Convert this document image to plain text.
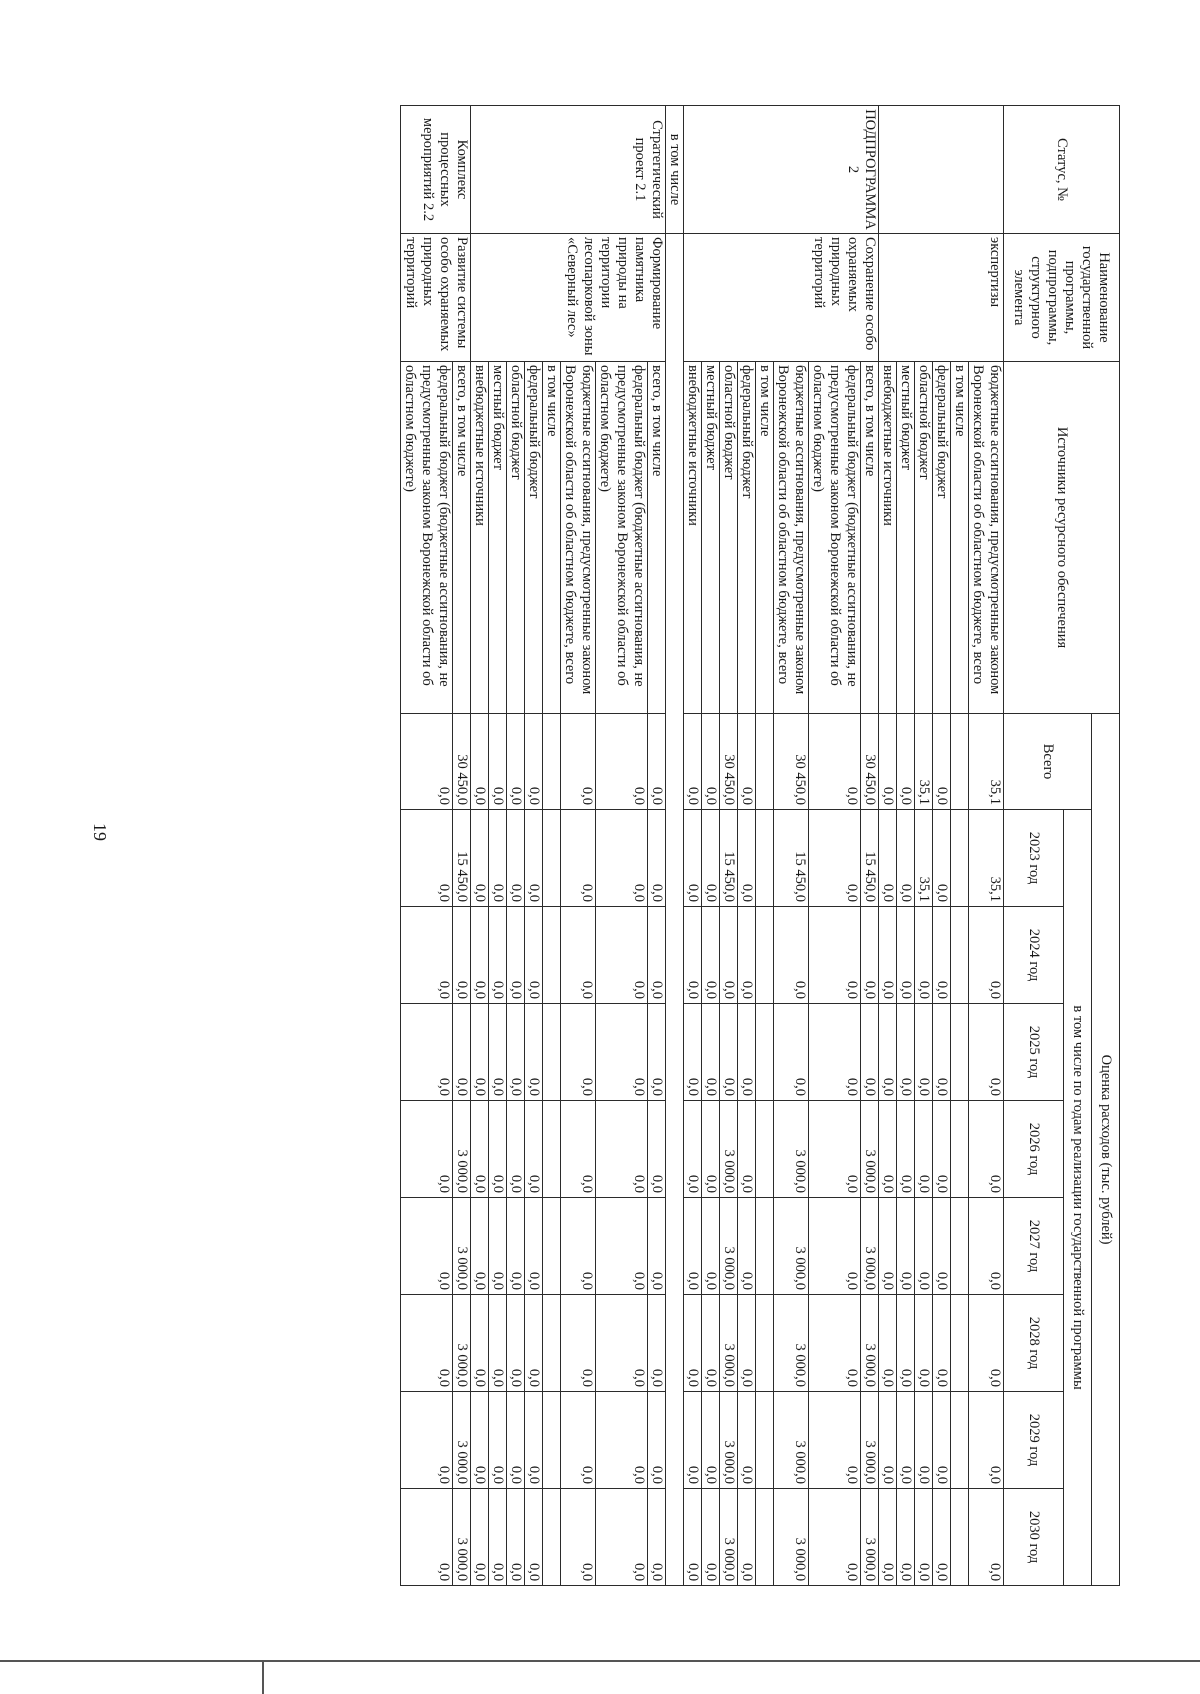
19
Статус, №	Наименование государственной программы, подпрограммы, структурного элемента	Источники ресурсного обеспечения	Оценка расходов (тыс. рублей)								
			Всего	в том числе по годам реализации государственной программы							
				2023 год	2024 год	2025 год	2026 год	2027 год	2028 год	2029 год	2030 год
	экспертизы	бюджетные ассигнования, предусмотренные законом Воронежской области об областном бюджете, всего	35,1	35,1	0,0	0,0	0,0	0,0	0,0	0,0	0,0
		в том числе									
		федеральный бюджет	0,0	0,0	0,0	0,0	0,0	0,0	0,0	0,0	0,0
		областной бюджет	35,1	35,1	0,0	0,0	0,0	0,0	0,0	0,0	0,0
		местный бюджет	0,0	0,0	0,0	0,0	0,0	0,0	0,0	0,0	0,0
		внебюджетные источники	0,0	0,0	0,0	0,0	0,0	0,0	0,0	0,0	0,0
ПОДПРОГРАММА 2	Сохранение особо охраняемых природных территорий	всего, в том числе	30 450,0	15 450,0	0,0	0,0	3 000,0	3 000,0	3 000,0	3 000,0	3 000,0
		федеральный бюджет (бюджетные ассигнования, не предусмотренные законом Воронежской области об областном бюджете)	0,0	0,0	0,0	0,0	0,0	0,0	0,0	0,0	0,0
		бюджетные ассигнования, предусмотренные законом Воронежской области об областном бюджете, всего	30 450,0	15 450,0	0,0	0,0	3 000,0	3 000,0	3 000,0	3 000,0	3 000,0
		в том числе									
		федеральный бюджет	0,0	0,0	0,0	0,0	0,0	0,0	0,0	0,0	0,0
		областной бюджет	30 450,0	15 450,0	0,0	0,0	3 000,0	3 000,0	3 000,0	3 000,0	3 000,0
		местный бюджет	0,0	0,0	0,0	0,0	0,0	0,0	0,0	0,0	0,0
		внебюджетные источники	0,0	0,0	0,0	0,0	0,0	0,0	0,0	0,0	0,0
в том числе											
Стратегический проект 2.1	Формирование памятника природы на территории лесопарковой зоны «Северный лес»	всего, в том числе	0,0	0,0	0,0	0,0	0,0	0,0	0,0	0,0	0,0
		федеральный бюджет (бюджетные ассигнования, не предусмотренные законом Воронежской области об областном бюджете)	0,0	0,0	0,0	0,0	0,0	0,0	0,0	0,0	0,0
		бюджетные ассигнования, предусмотренные законом Воронежской области об областном бюджете, всего	0,0	0,0	0,0	0,0	0,0	0,0	0,0	0,0	0,0
		в том числе									
		федеральный бюджет	0,0	0,0	0,0	0,0	0,0	0,0	0,0	0,0	0,0
		областной бюджет	0,0	0,0	0,0	0,0	0,0	0,0	0,0	0,0	0,0
		местный бюджет	0,0	0,0	0,0	0,0	0,0	0,0	0,0	0,0	0,0
		внебюджетные источники	0,0	0,0	0,0	0,0	0,0	0,0	0,0	0,0	0,0
Комплекс процессных мероприятий 2.2	Развитие системы особо охраняемых природных территорий	всего, в том числе	30 450,0	15 450,0	0,0	0,0	3 000,0	3 000,0	3 000,0	3 000,0	3 000,0
		федеральный бюджет (бюджетные ассигнования, не предусмотренные законом Воронежской области об областном бюджете)	0,0	0,0	0,0	0,0	0,0	0,0	0,0	0,0	0,0
